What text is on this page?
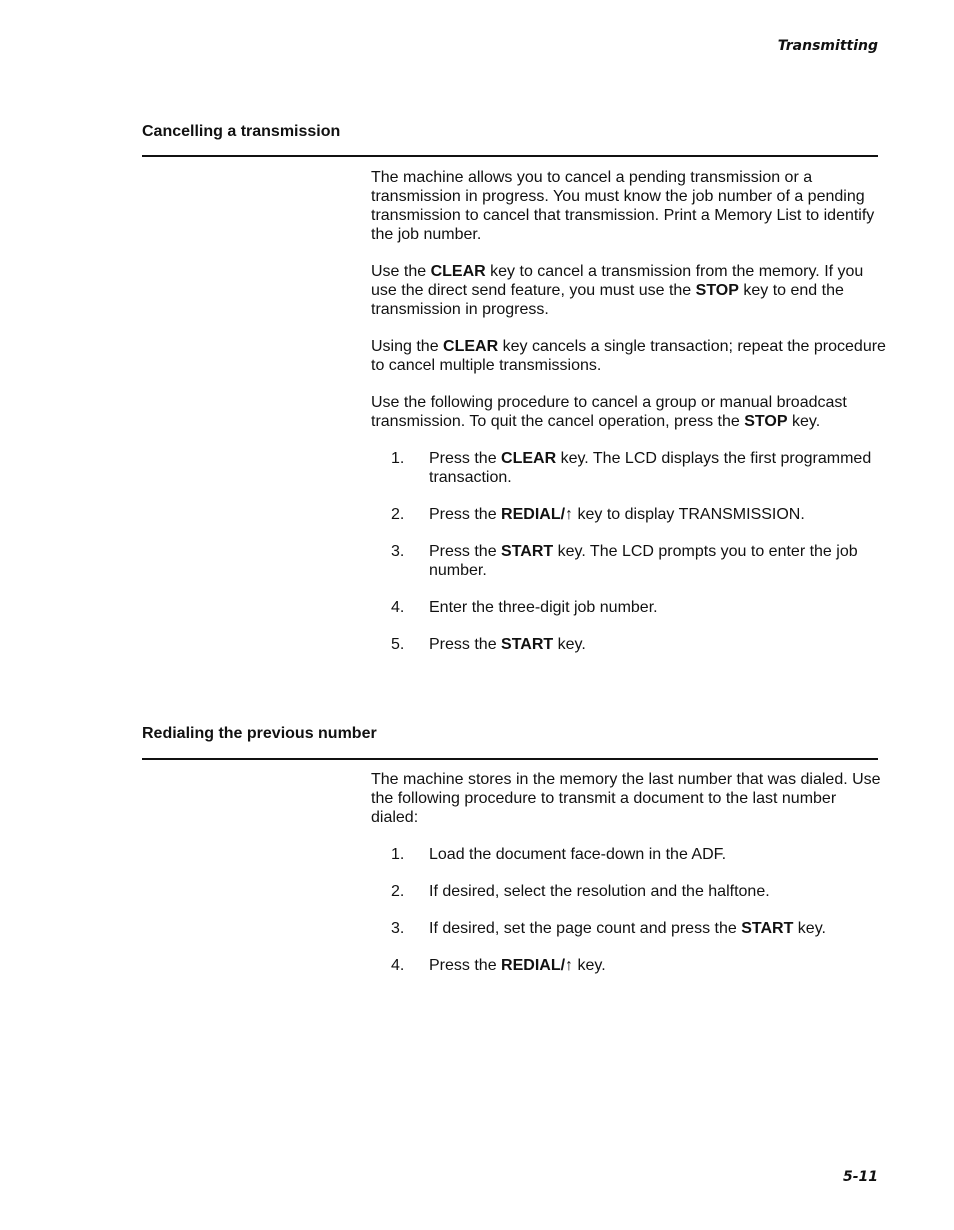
Transmitting
Cancelling a transmission

The machine allows you to cancel a pending transmission or a transmission in progress. You must know the job number of a pending transmission to cancel that transmission. Print a Memory List to identify the job number.

Use the CLEAR key to cancel a transmission from the memory. If you use the direct send feature, you must use the STOP key to end the transmission in progress.

Using the CLEAR key cancels a single transaction; repeat the procedure to cancel multiple transmissions.

Use the following procedure to cancel a group or manual broadcast transmission. To quit the cancel operation, press the STOP key.

1. Press the CLEAR key. The LCD displays the first programmed transaction.
2. Press the REDIAL/↑ key to display TRANSMISSION.
3. Press the START key. The LCD prompts you to enter the job number.
4. Enter the three-digit job number.
5. Press the START key.
Redialing the previous number

The machine stores in the memory the last number that was dialed. Use the following procedure to transmit a document to the last number dialed:

1. Load the document face-down in the ADF.
2. If desired, select the resolution and the halftone.
3. If desired, set the page count and press the START key.
4. Press the REDIAL/↑ key.
5-11
